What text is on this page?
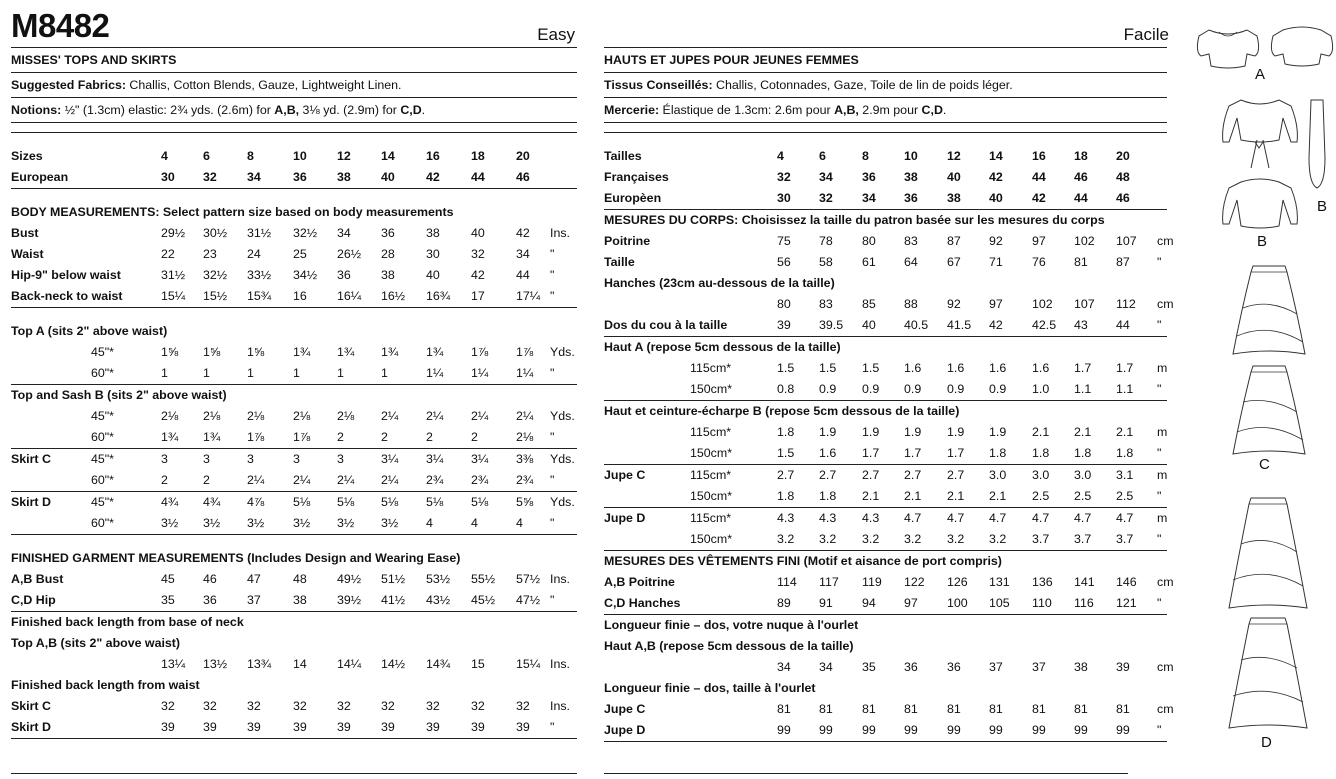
M8482	Easy
MISSES' TOPS AND SKIRTS
Suggested Fabrics: Challis, Cotton Blends, Gauze, Lightweight Linen.
Notions: ½" (1.3cm) elastic: 2¾ yds. (2.6m) for A,B, 3⅛ yd. (2.9m) for C,D.
Sizes	4	6	8	10	12	14	16	18	20
European	30	32	34	36	38	40	42	44	46
BODY MEASUREMENTS: Select pattern size based on body measurements
Bust	29½	30½	31½	32½	34	36	38	40	42	Ins.
Waist	22	23	24	25	26½	28	30	32	34	"
Hip-9" below waist	31½	32½	33½	34½	36	38	40	42	44	"
Back-neck to waist	15¼	15½	15¾	16	16¼	16½	16¾	17	17¼ "
Top A (sits 2" above waist)
45"*	1⅝	1⅝	1⅝	1¾	1¾	1¾	1¾	1⅞	1⅞	Yds.
60"*	1	1	1	1	1	1	1¼	1¼	1¼	"
Top and Sash B (sits 2" above waist)
45"*	2⅛	2⅛	2⅛	2⅛	2⅛	2¼	2¼	2¼	2¼	Yds.
60"*	1¾	1¾	1⅞	1⅞	2	2	2	2	2⅛	"
Skirt C	45"*	3	3	3	3	3	3¼	3¼	3¼	3⅜	Yds.
60"*	2	2	2¼	2¼	2¼	2¼	2¾	2¾	2¾	"
Skirt D	45"*	4¾	4¾	4⅞	5⅛	5⅛	5⅛	5⅛	5⅛	5⅝	Yds.
60"*	3½	3½	3½	3½	3½	3½	4	4	4	"
FINISHED GARMENT MEASUREMENTS (Includes Design and Wearing Ease)
A,B Bust	45	46	47	48	49½	51½	53½	55½	57½ Ins.
C,D Hip	35	36	37	38	39½	41½	43½	45½	47½ "
Finished back length from base of neck
Top A,B (sits 2" above waist)
13¼	13½	13¾	14	14¼	14½	14¾	15	15¼ Ins.
Finished back length from waist
Skirt C	32	32	32	32	32	32	32	32	32	Ins.
Skirt D	39	39	39	39	39	39	39	39	39	"
Facile
HAUTS ET JUPES POUR JEUNES FEMMES
Tissus Conseillés: Challis, Cotonnades, Gaze, Toile de lin de poids léger.
Mercerie: Élastique de 1.3cm: 2.6m pour A,B, 2.9m pour C,D.
Tailles	4	6	8	10	12	14	16	18	20
Françaises	32	34	36	38	40	42	44	46	48
Europèen	30	32	34	36	38	40	42	44	46
MESURES DU CORPS: Choisissez la taille du patron basée sur les mesures du corps
Poitrine	75	78	80	83	87	92	97	102	107	cm
Taille	56	58	61	64	67	71	76	81	87	"
Hanches (23cm au-dessous de la taille)
80	83	85	88	92	97	102	107	112	cm
Dos du cou à la taille	39	39.5	40	40.5	41.5	42	42.5	43	44	"
Haut A (repose 5cm dessous de la taille)
115cm*	1.5	1.5	1.5	1.6	1.6	1.6	1.6	1.7	1.7	m
150cm*	0.8	0.9	0.9	0.9	0.9	0.9	1.0	1.1	1.1	"
Haut et ceinture-écharpe B (repose 5cm dessous de la taille)
115cm*	1.8	1.9	1.9	1.9	1.9	1.9	2.1	2.1	2.1	m
150cm*	1.5	1.6	1.7	1.7	1.7	1.8	1.8	1.8	1.8	"
Jupe C	115cm*	2.7	2.7	2.7	2.7	2.7	3.0	3.0	3.0	3.1	m
150cm*	1.8	1.8	2.1	2.1	2.1	2.1	2.5	2.5	2.5	"
Jupe D	115cm*	4.3	4.3	4.3	4.7	4.7	4.7	4.7	4.7	4.7	m
150cm*	3.2	3.2	3.2	3.2	3.2	3.2	3.7	3.7	3.7	"
MESURES DES VÊTEMENTS FINI (Motif et aisance de port compris)
A,B Poitrine	114	117	119	122	126	131	136	141	146	cm
C,D Hanches	89	91	94	97	100	105	110	116	121	"
Longueur finie – dos, votre nuque à l'ourlet
Haut A,B (repose 5cm dessous de la taille)
34	34	35	36	36	37	37	38	39	cm
Longueur finie – dos, taille à l'ourlet
Jupe C	81	81	81	81	81	81	81	81	81	cm
Jupe D	99	99	99	99	99	99	99	99	99	"
A
B
B
C
D
